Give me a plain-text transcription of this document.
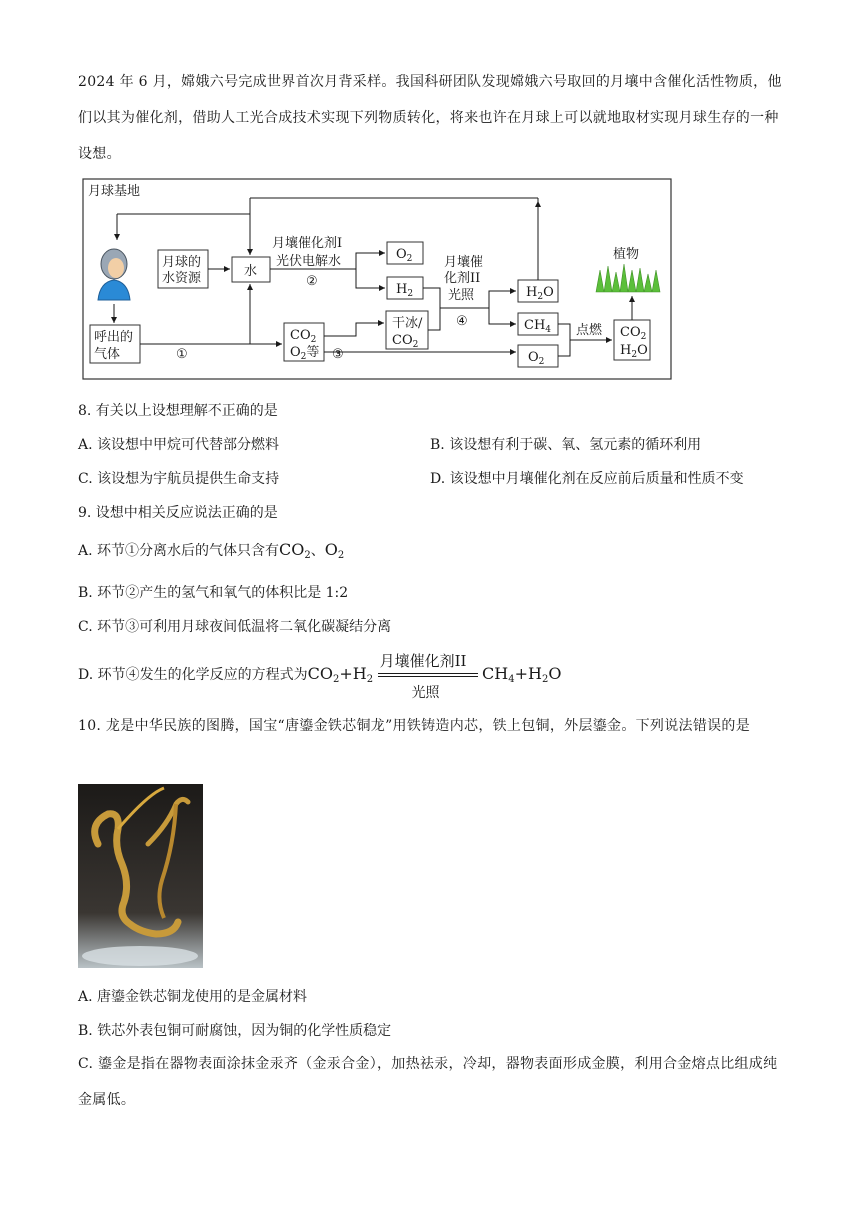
2024 年 6 月，嫦娥六号完成世界首次月背采样。我国科研团队发现嫦娥六号取回的月壤中含催化活性物质，他们以其为催化剂，借助人工光合成技术实现下列物质转化，将来也许在月球上可以就地取材实现月球生存的一种设想。
月球基地
月球的
水资源	水
月壤催化剂I
光伏电解水
②
$O_2$
$H_2$
月壤催
化剂II
光照
④
$H_2O$
$CH_4$
$O_2$
点燃 $CO_2$
$H_2O$
植物
呼出的
气体	①
$CO_2$
$O_2$等 ③
干冰/
$CO_2$
8. 有关以上设想理解不正确的是
A. 该设想中甲烷可代替部分燃料	B. 该设想有利于碳、氧、氢元素的循环利用
C. 该设想为宇航员提供生命支持	D. 该设想中月壤催化剂在反应前后质量和性质不变
9. 设想中相关反应说法正确的是
A. 环节①分离水后的气体只含有$CO_2$、$O_2$
B. 环节②产生的氢气和氧气的体积比是 1:2
C. 环节③可利用月球夜间低温将二氧化碳凝结分离
D. 环节④发生的化学反应的方程式为$CO_2+H_2$
月壤催化剂II
光照
$CH_4+H_2O$
10. 龙是中华民族的图腾，国宝“唐鎏金铁芯铜龙”用铁铸造内芯，铁上包铜，外层鎏金。下列说法错误的是
A. 唐鎏金铁芯铜龙使用的是金属材料
B. 铁芯外表包铜可耐腐蚀，因为铜的化学性质稳定
C. 鎏金是指在器物表面涂抹金汞齐（金汞合金），加热祛汞，冷却，器物表面形成金膜，利用合金熔点比组成纯金属低。
